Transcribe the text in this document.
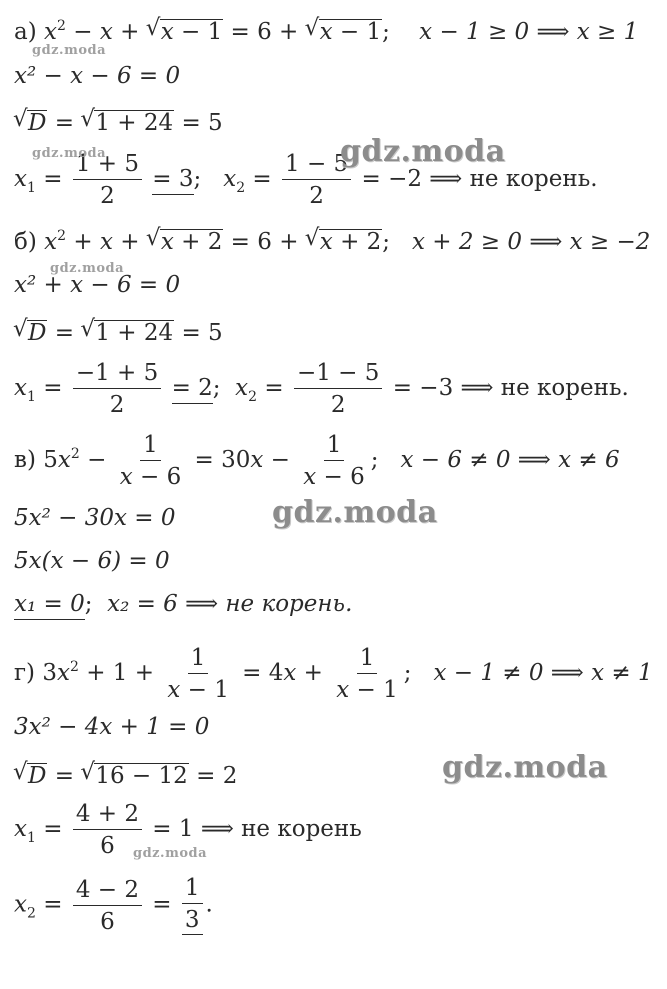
а) $x^2 - x$ + √ x − 1 = 6 + √ x − 1;    x − 1 ≥ 0 ⟹ x ≥ 1
x² − x − 6 = 0
√ D = √ 1 + 24 = 5
$x_1 = \frac{1 + 5}{2} = 3$;   $x_2 = \frac{1 - 5}{2} = -2$ ⟹ не корень.
б) $x^2 + x$ + √ x + 2 = 6 + √ x + 2;   x + 2 ≥ 0 ⟹ x ≥ −2
x² + x − 6 = 0
√ D = √ 1 + 24 = 5
$x_1 = \frac{-1 + 5}{2} = 2$;  $x_2 = \frac{-1 - 5}{2} = -3$ ⟹ не корень.
в) $5x^2 - \frac{1}{x - 6} = 30x - \frac{1}{x - 6}$ ;   x − 6 ≠ 0 ⟹ x ≠ 6
5x² − 30x = 0
5x(x − 6) = 0
x₁ = 0;  x₂ = 6 ⟹ не корень.
г) $3x^2 + 1 + \frac{1}{x - 1} = 4x + \frac{1}{x - 1}$ ;   x − 1 ≠ 0 ⟹ x ≠ 1
3x² − 4x + 1 = 0
√ D = √ 16 − 12 = 2
$x_1 = \frac{4 + 2}{6} = 1$ ⟹ не корень
$x_2 = \frac{4 - 2}{6} = \frac{1}{3}$ .
gdz.moda
gdz.moda	gdz.moda
gdz.moda
gdz.moda
gdz.moda
gdz.moda
